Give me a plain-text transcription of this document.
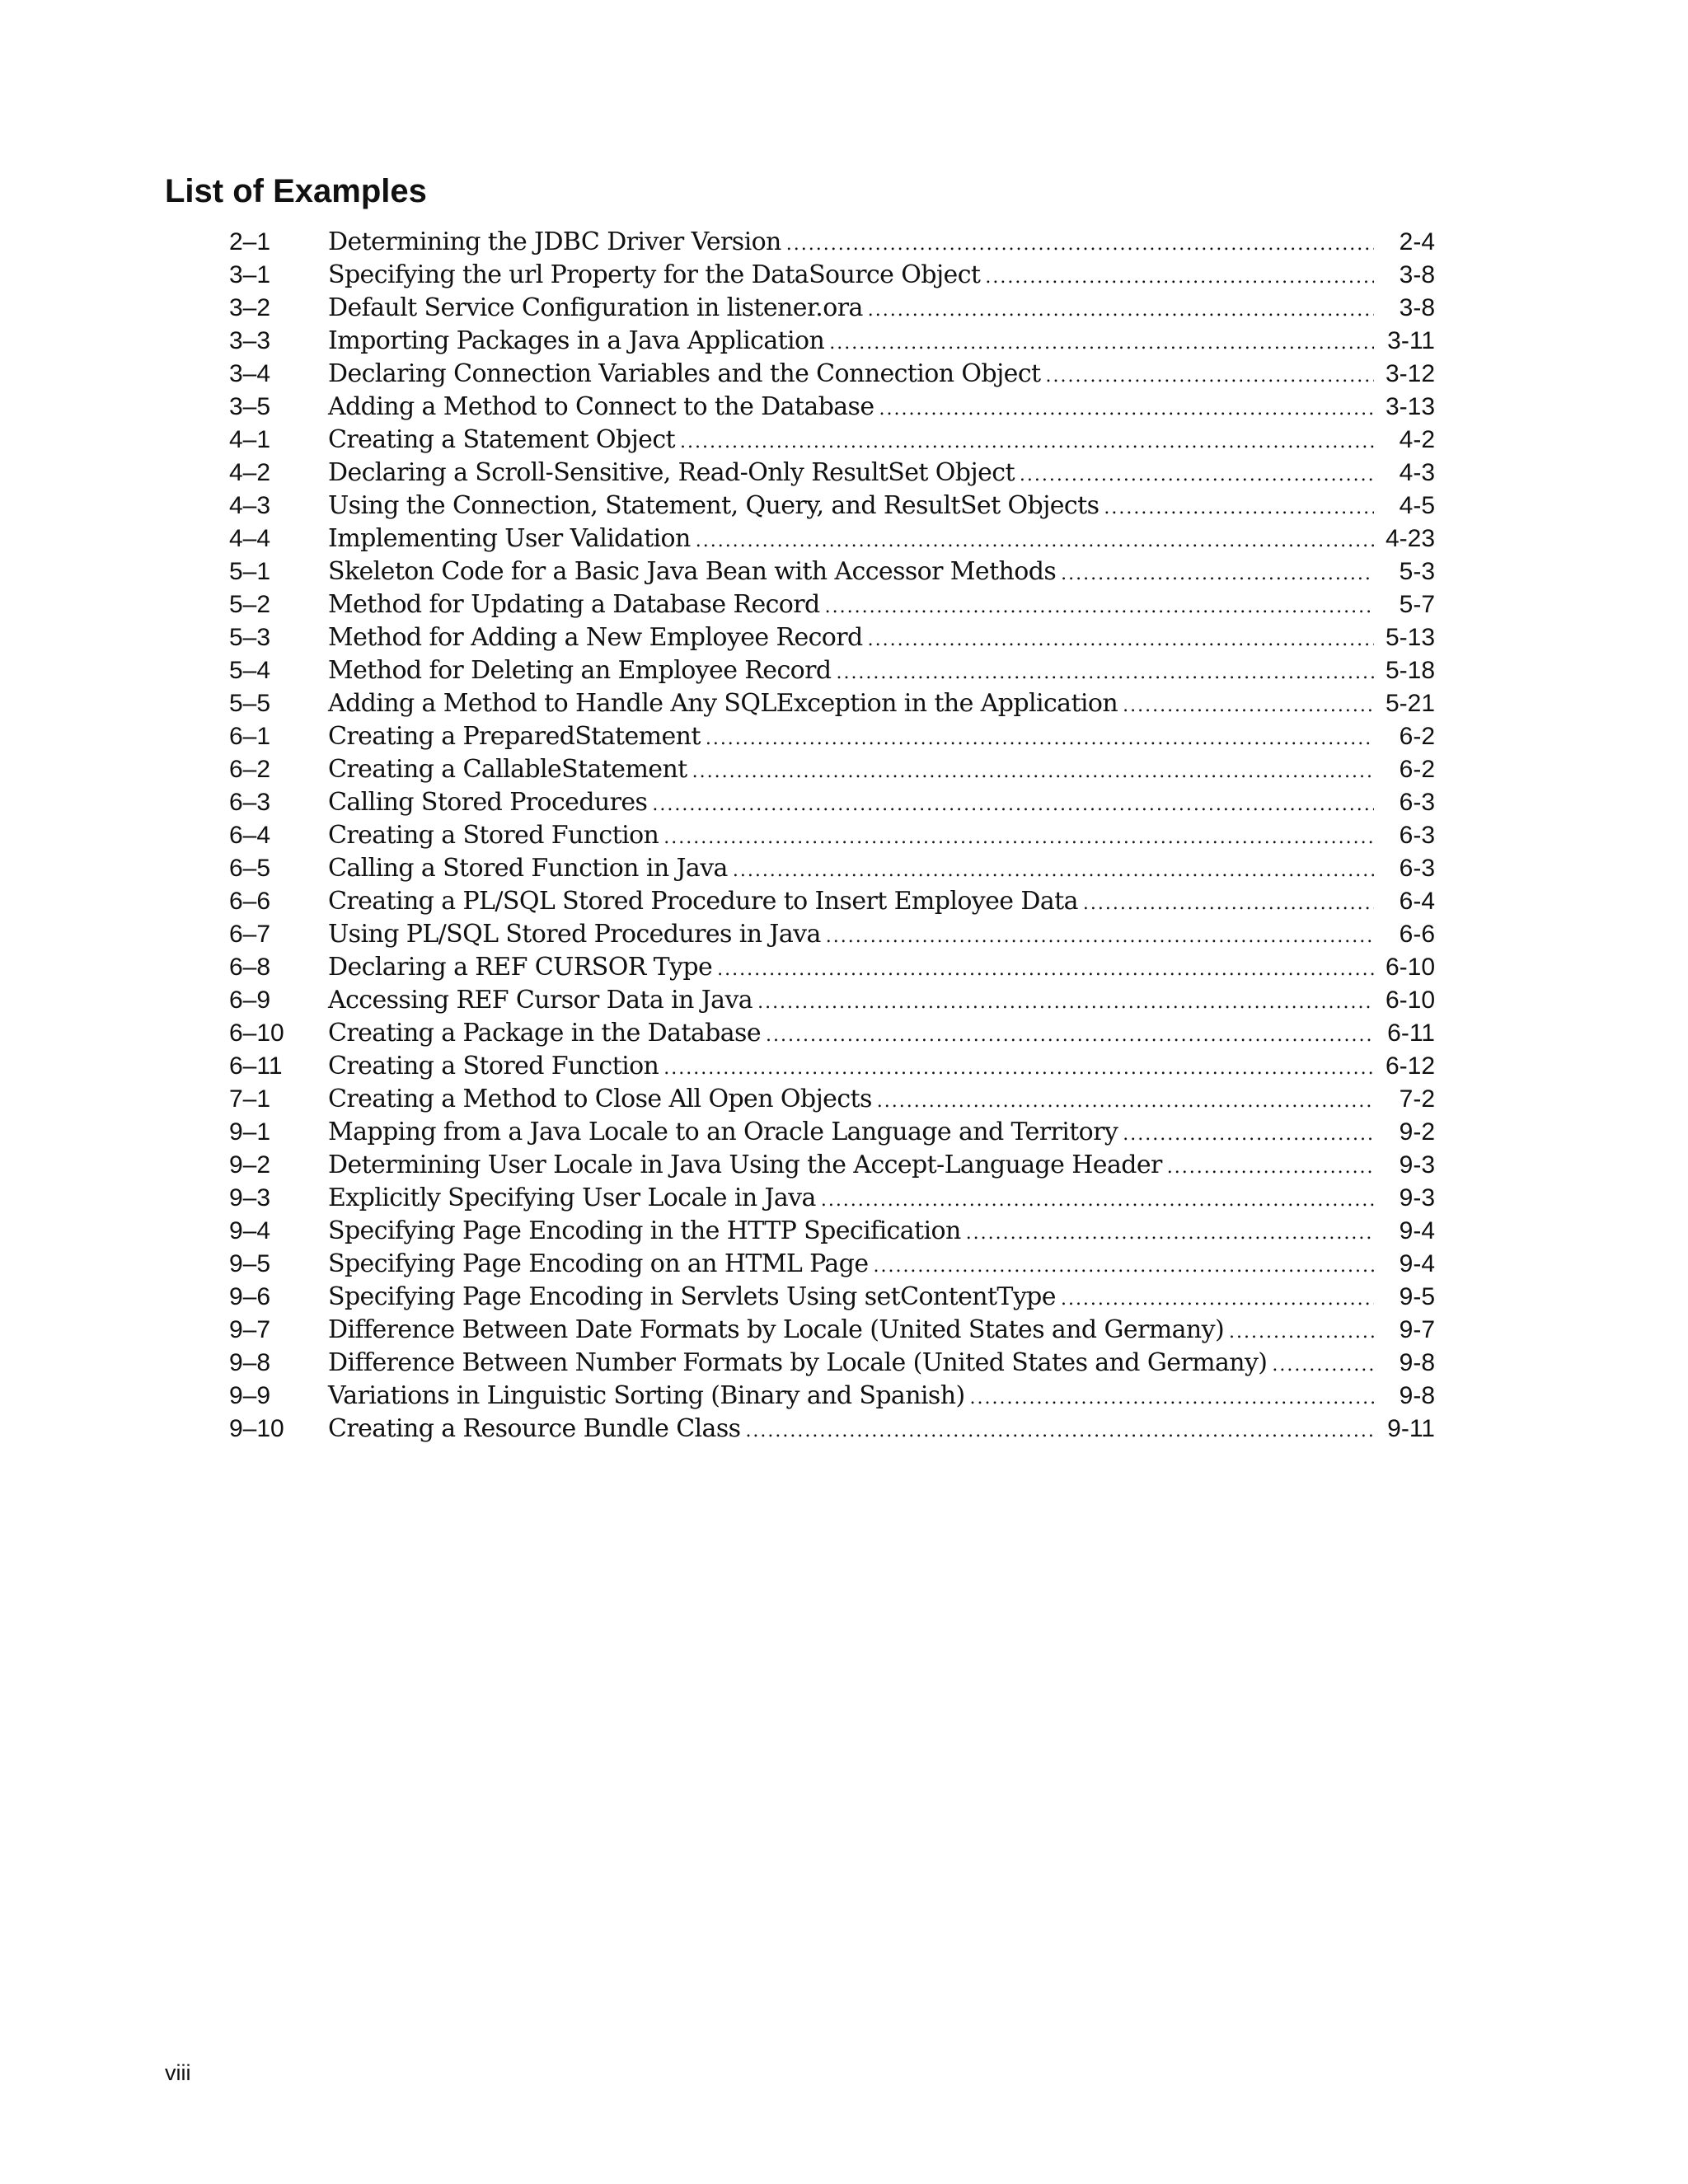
List of Examples
2–1	Determining the JDBC Driver Version .....	2-4
3–1	Specifying the url Property for the DataSource Object .....	3-8
3–2	Default Service Configuration in listener.ora .....	3-8
3–3	Importing Packages in a Java Application .....	3-11
3–4	Declaring Connection Variables and the Connection Object .....	3-12
3–5	Adding a Method to Connect to the Database .....	3-13
4–1	Creating a Statement Object .....	4-2
4–2	Declaring a Scroll-Sensitive, Read-Only ResultSet Object .....	4-3
4–3	Using the Connection, Statement, Query, and ResultSet Objects .....	4-5
4–4	Implementing User Validation .....	4-23
5–1	Skeleton Code for a Basic Java Bean with Accessor Methods .....	5-3
5–2	Method for Updating a Database Record .....	5-7
5–3	Method for Adding a New Employee Record .....	5-13
5–4	Method for Deleting an Employee Record .....	5-18
5–5	Adding a Method to Handle Any SQLException in the Application .....	5-21
6–1	Creating a PreparedStatement .....	6-2
6–2	Creating a CallableStatement .....	6-2
6–3	Calling Stored Procedures .....	6-3
6–4	Creating a Stored Function .....	6-3
6–5	Calling a Stored Function in Java .....	6-3
6–6	Creating a PL/SQL Stored Procedure to Insert Employee Data .....	6-4
6–7	Using PL/SQL Stored Procedures in Java .....	6-6
6–8	Declaring a REF CURSOR Type .....	6-10
6–9	Accessing REF Cursor Data in Java .....	6-10
6–10	Creating a Package in the Database .....	6-11
6–11	Creating a Stored Function .....	6-12
7–1	Creating a Method to Close All Open Objects .....	7-2
9–1	Mapping from a Java Locale to an Oracle Language and Territory .....	9-2
9–2	Determining User Locale in Java Using the Accept-Language Header .....	9-3
9–3	Explicitly Specifying User Locale in Java .....	9-3
9–4	Specifying Page Encoding in the HTTP Specification .....	9-4
9–5	Specifying Page Encoding on an HTML Page .....	9-4
9–6	Specifying Page Encoding in Servlets Using setContentType .....	9-5
9–7	Difference Between Date Formats by Locale (United States and Germany) .....	9-7
9–8	Difference Between Number Formats by Locale (United States and Germany) .....	9-8
9–9	Variations in Linguistic Sorting (Binary and Spanish) .....	9-8
9–10	Creating a Resource Bundle Class .....	9-11
viii
